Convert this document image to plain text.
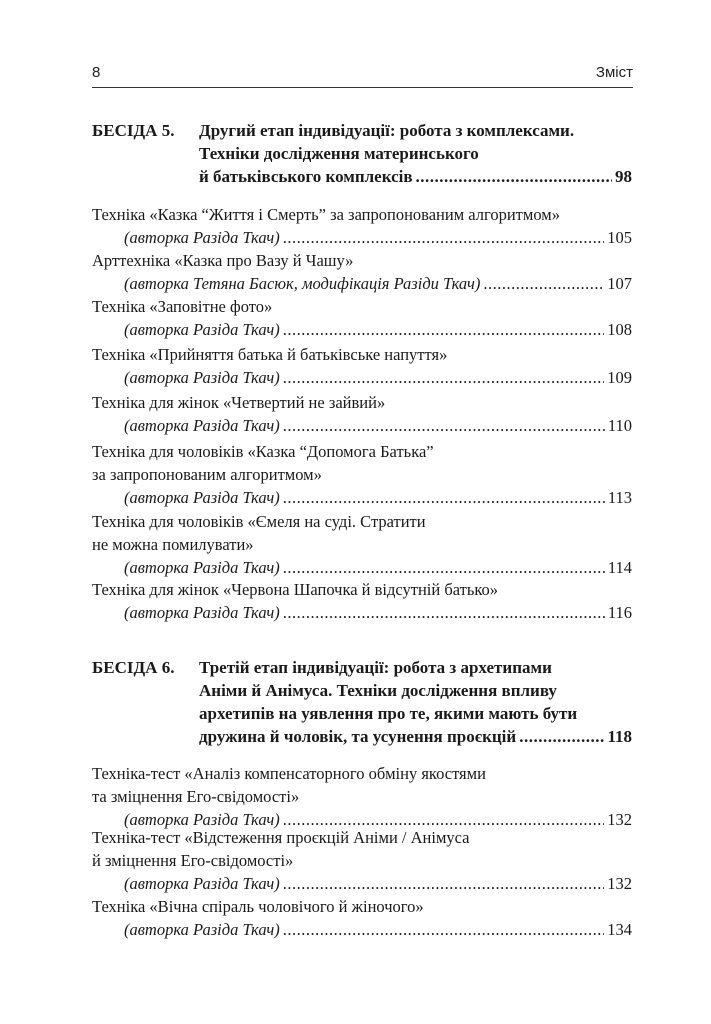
8	Зміст
БЕСІДА 5. Другий етап індивідуації: робота з комплексами.
Техніки дослідження материнського
й батьківського комплексів .....	98
Техніка «Казка “Життя і Смерть” за запропонованим алгоритмом»
(авторка Разіда Ткач) .....	105
Арттехніка «Казка про Вазу й Чашу»
(авторка Тетяна Басюк, модифікація Разіди Ткач) .....	107
Техніка «Заповітне фото»
(авторка Разіда Ткач) .....	108
Техніка «Прийняття батька й батьківське напуття»
(авторка Разіда Ткач) .....	109
Техніка для жінок «Четвертий не зайвий»
(авторка Разіда Ткач) .....	110
Техніка для чоловіків «Казка “Допомога Батька”
за запропонованим алгоритмом»
(авторка Разіда Ткач) .....	113
Техніка для чоловіків «Ємеля на суді. Стратити
не можна помилувати»
(авторка Разіда Ткач) .....	114
Техніка для жінок «Червона Шапочка й відсутній батько»
(авторка Разіда Ткач) .....	116
БЕСІДА 6. Третій етап індивідуації: робота з архетипами
Аніми й Анімуса. Техніки дослідження впливу
архетипів на уявлення про те, якими мають бути
дружина й чоловік, та усунення проєкцій .....	118
Техніка-тест «Аналіз компенсаторного обміну якостями
та зміцнення Его-свідомості»
(авторка Разіда Ткач) .....	132
Техніка-тест «Відстеження проєкцій Аніми / Анімуса
й зміцнення Его-свідомості»
(авторка Разіда Ткач) .....	132
Техніка «Вічна спіраль чоловічого й жіночого»
(авторка Разіда Ткач) .....	134
